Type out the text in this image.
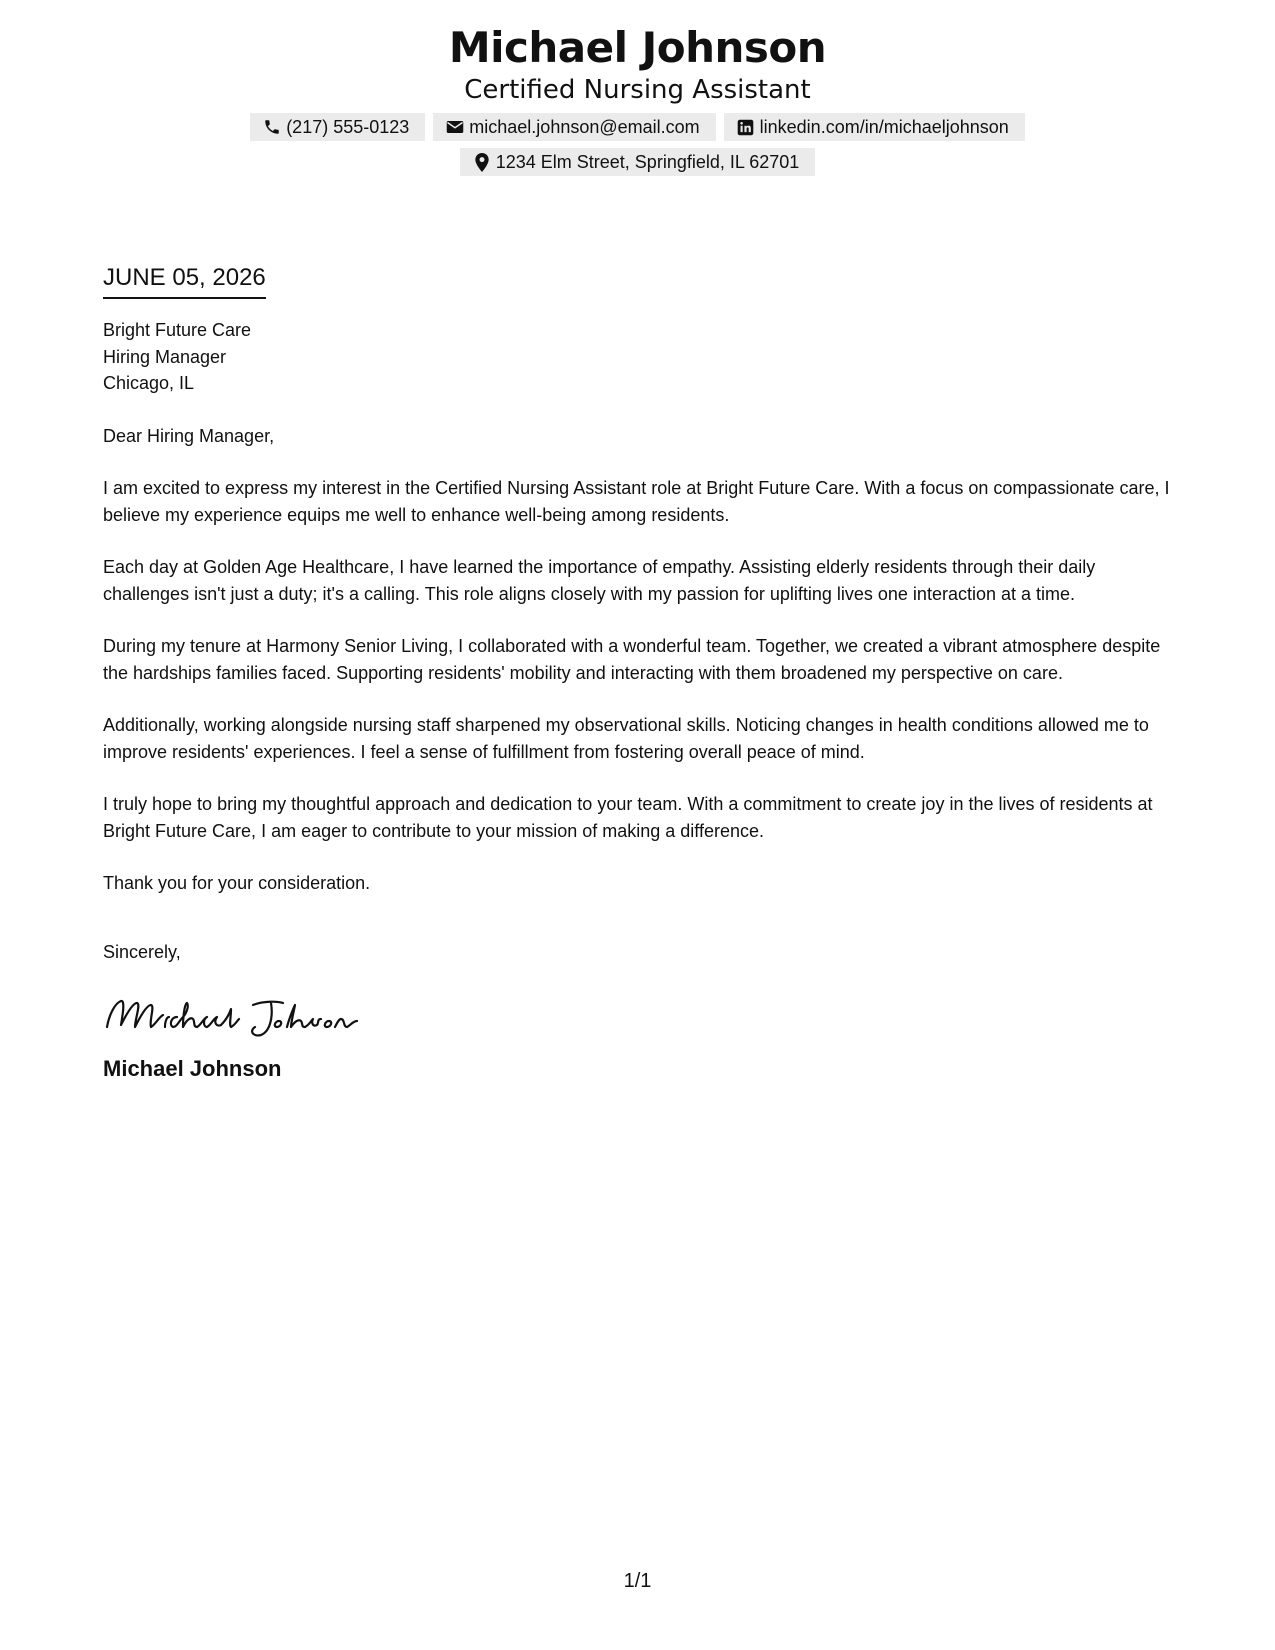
Michael Johnson
Certified Nursing Assistant
(217) 555-0123	michael.johnson@email.com	linkedin.com/in/michaeljohnson
1234 Elm Street, Springfield, IL 62701
JUNE 05, 2026
Bright Future Care
Hiring Manager
Chicago, IL
Dear Hiring Manager,
I am excited to express my interest in the Certified Nursing Assistant role at Bright Future Care. With a focus on compassionate care, I believe my experience equips me well to enhance well-being among residents.
Each day at Golden Age Healthcare, I have learned the importance of empathy. Assisting elderly residents through their daily challenges isn't just a duty; it's a calling. This role aligns closely with my passion for uplifting lives one interaction at a time.
During my tenure at Harmony Senior Living, I collaborated with a wonderful team. Together, we created a vibrant atmosphere despite the hardships families faced. Supporting residents' mobility and interacting with them broadened my perspective on care.
Additionally, working alongside nursing staff sharpened my observational skills. Noticing changes in health conditions allowed me to improve residents' experiences. I feel a sense of fulfillment from fostering overall peace of mind.
I truly hope to bring my thoughtful approach and dedication to your team. With a commitment to create joy in the lives of residents at Bright Future Care, I am eager to contribute to your mission of making a difference.
Thank you for your consideration.
Sincerely,
Michael Johnson
1/1
